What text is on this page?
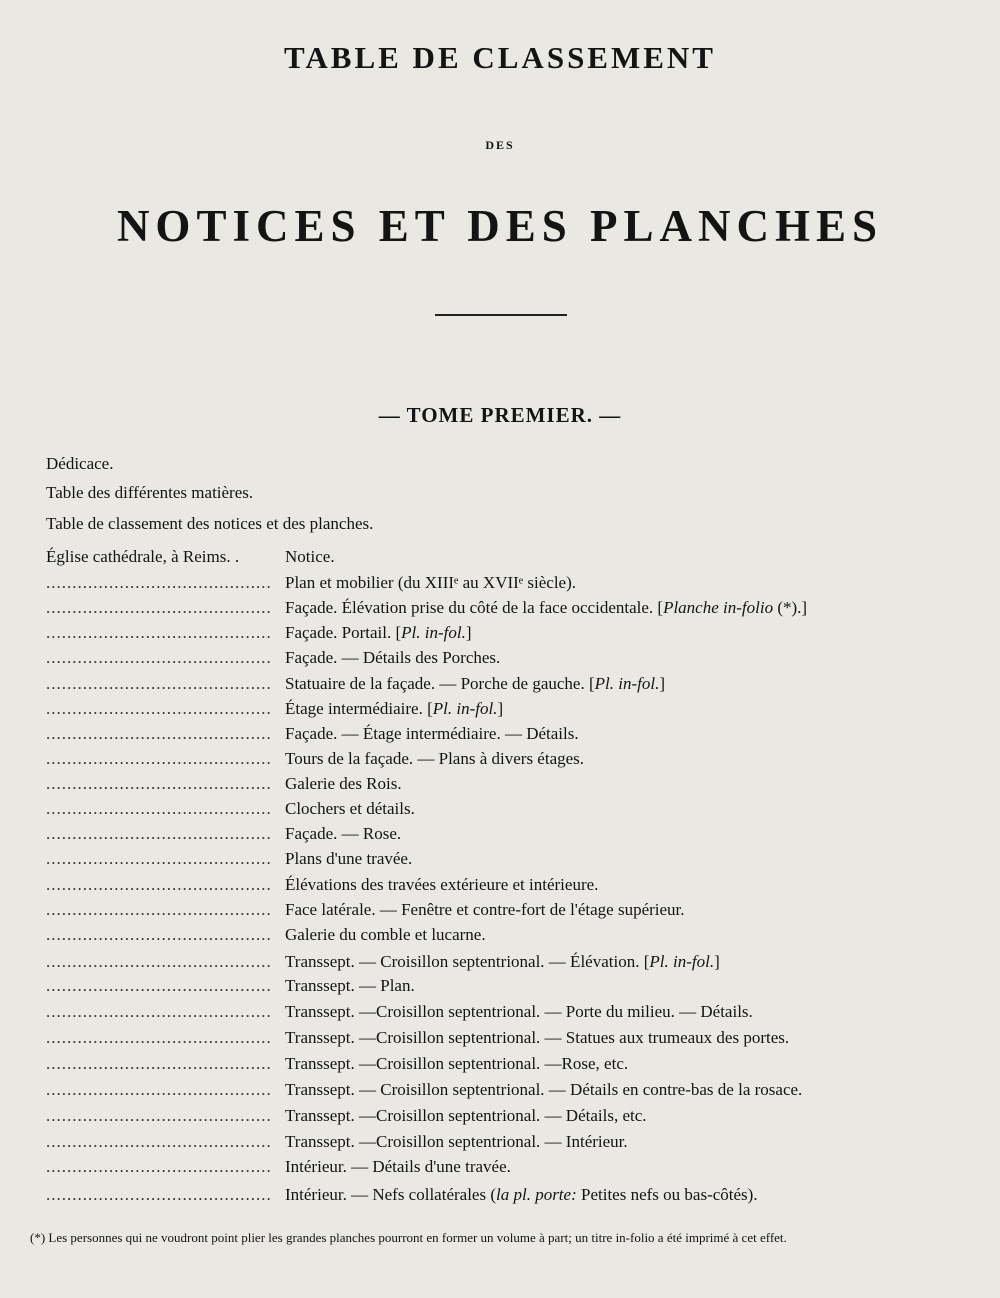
TABLE DE CLASSEMENT
DES
NOTICES ET DES PLANCHES
— TOME PREMIER. —
Dédicace.
Table des différentes matières.
Table de classement des notices et des planches.
Église cathédrale, à Reims. .	Notice.
........................................... Plan et mobilier (du XIIIᵉ au XVIIᵉ siècle).
........................................... Façade. Élévation prise du côté de la face occidentale. [Planche in-folio (*).]
........................................... Façade. Portail. [Pl. in-fol.]
........................................... Façade. — Détails des Porches.
........................................... Statuaire de la façade. — Porche de gauche. [Pl. in-fol.]
........................................... Étage intermédiaire. [Pl. in-fol.]
........................................... Façade. — Étage intermédiaire. — Détails.
........................................... Tours de la façade. — Plans à divers étages.
........................................... Galerie des Rois.
........................................... Clochers et détails.
........................................... Façade. — Rose.
........................................... Plans d'une travée.
........................................... Élévations des travées extérieure et intérieure.
........................................... Face latérale. — Fenêtre et contre-fort de l'étage supérieur.
........................................... Galerie du comble et lucarne.
........................................... Transsept. — Croisillon septentrional. — Élévation. [Pl. in-fol.]
........................................... Transsept. — Plan.
........................................... Transsept. —Croisillon septentrional. — Porte du milieu. — Détails.
........................................... Transsept. —Croisillon septentrional. — Statues aux trumeaux des portes.
........................................... Transsept. —Croisillon septentrional. —Rose, etc.
........................................... Transsept. — Croisillon septentrional. — Détails en contre-bas de la rosace.
........................................... Transsept. —Croisillon septentrional. — Détails, etc.
........................................... Transsept. —Croisillon septentrional. — Intérieur.
........................................... Intérieur. — Détails d'une travée.
........................................... Intérieur. — Nefs collatérales (la pl. porte: Petites nefs ou bas-côtés).
(*) Les personnes qui ne voudront point plier les grandes planches pourront en former un volume à part; un titre in-folio a été imprimé à cet effet.
